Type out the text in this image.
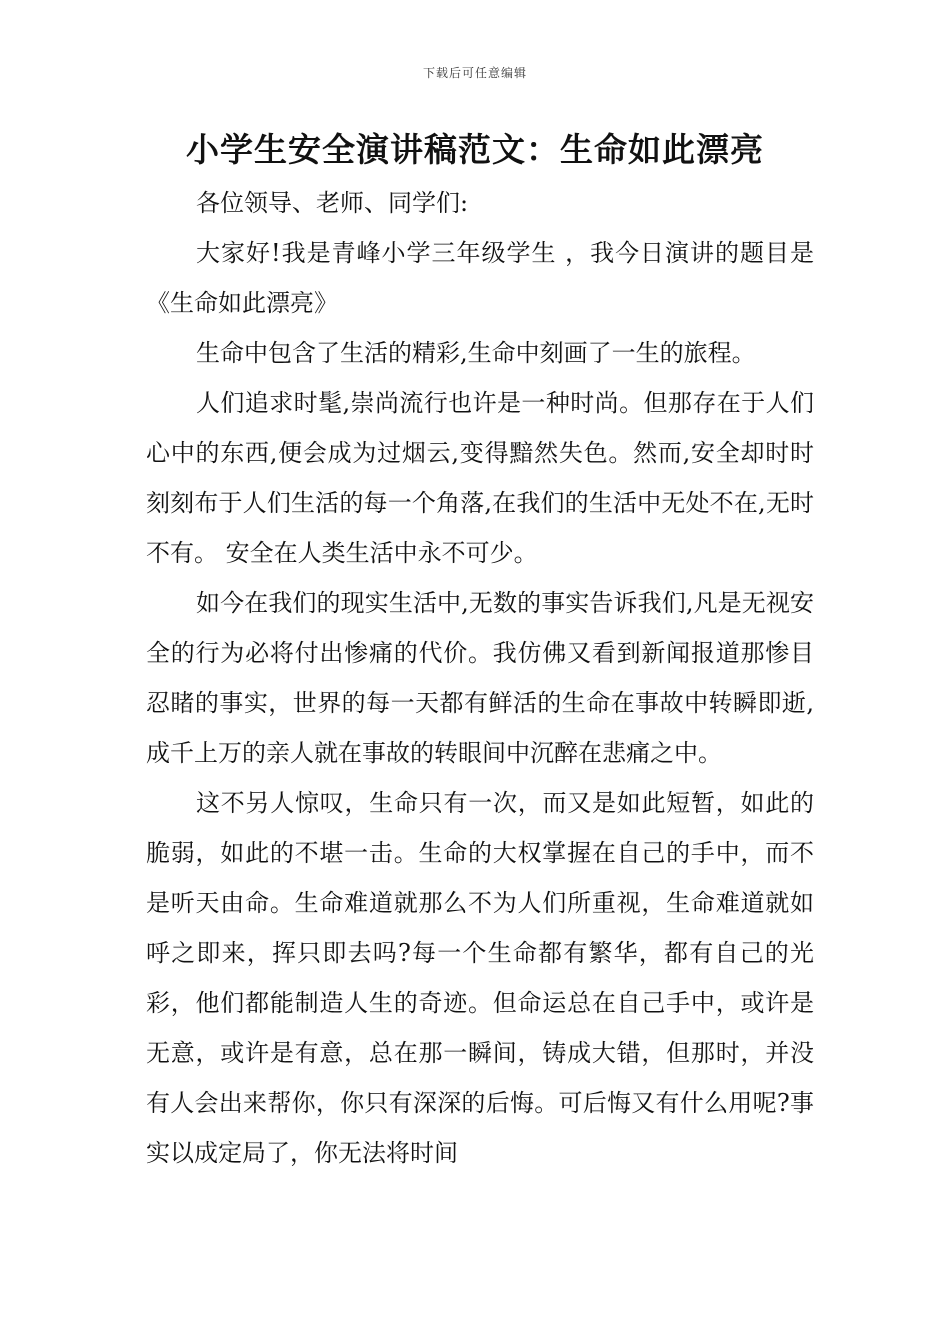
下载后可任意编辑
小学生安全演讲稿范文：生命如此漂亮

各位领导、老师、同学们:

大家好!我是青峰小学三年级学生 ，我今日演讲的题目是《生命如此漂亮》

生命中包含了生活的精彩,生命中刻画了一生的旅程。

人们追求时髦,崇尚流行也许是一种时尚。但那存在于人们心中的东西,便会成为过烟云,变得黯然失色。然而,安全却时时刻刻布于人们生活的每一个角落,在我们的生活中无处不在,无时不有。 安全在人类生活中永不可少。

如今在我们的现实生活中,无数的事实告诉我们,凡是无视安全的行为必将付出惨痛的代价。我仿佛又看到新闻报道那惨目忍睹的事实，世界的每一天都有鲜活的生命在事故中转瞬即逝,成千上万的亲人就在事故的转眼间中沉醉在悲痛之中。

这不另人惊叹，生命只有一次，而又是如此短暂，如此的脆弱，如此的不堪一击。生命的大权掌握在自己的手中，而不是听天由命。生命难道就那么不为人们所重视，生命难道就如呼之即来，挥只即去吗?每一个生命都有繁华，都有自己的光彩，他们都能制造人生的奇迹。但命运总在自己手中，或许是无意，或许是有意，总在那一瞬间，铸成大错，但那时，并没有人会出来帮你，你只有深深的后悔。可后悔又有什么用呢?事实以成定局了，你无法将时间
